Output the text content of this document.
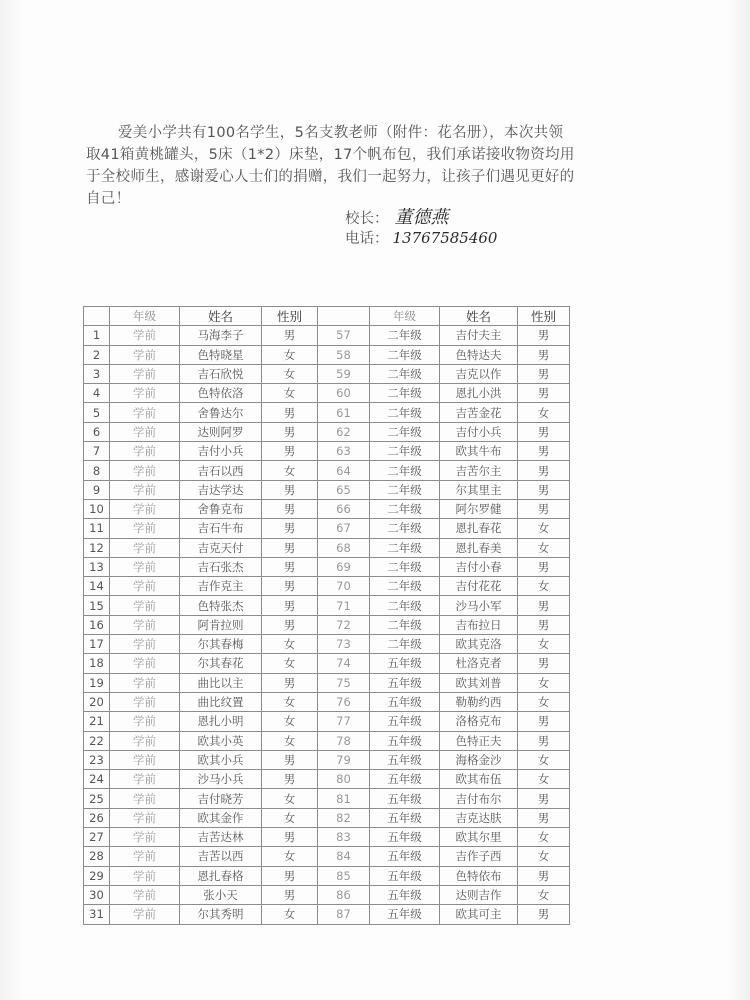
爱美小学共有100名学生，5名支教老师（附件：花名册），本次共领取41箱黄桃罐头，5床（1*2）床垫，17个帆布包，我们承诺接收物资均用于全校师生，感谢爱心人士们的捐赠，我们一起努力，让孩子们遇见更好的自己！
校长： 董德燕
电话： 13767585460
	年级	姓名	性别		年级	姓名	性别
1	学前	马海李子	男	57	二年级	吉付夫主	男
2	学前	色特晓星	女	58	二年级	色特达夫	男
3	学前	吉石欣悦	女	59	二年级	吉克以作	男
4	学前	色特依洛	女	60	二年级	恩扎小洪	男
5	学前	舍鲁达尔	男	61	二年级	吉苦金花	女
6	学前	达则阿罗	男	62	二年级	吉付小兵	男
7	学前	吉付小兵	男	63	二年级	欧其牛布	男
8	学前	吉石以西	女	64	二年级	吉苦尔主	男
9	学前	吉达学达	男	65	二年级	尔其里主	男
10	学前	舍鲁克布	男	66	二年级	阿尔罗健	男
11	学前	吉石牛布	男	67	二年级	恩扎春花	女
12	学前	吉克天付	男	68	二年级	恩扎春美	女
13	学前	吉石张杰	男	69	二年级	吉付小春	男
14	学前	吉作克主	男	70	二年级	吉付花花	女
15	学前	色特张杰	男	71	二年级	沙马小军	男
16	学前	阿肯拉则	男	72	二年级	吉布拉日	男
17	学前	尔其春梅	女	73	二年级	欧其克洛	女
18	学前	尔其春花	女	74	五年级	杜洛克者	男
19	学前	曲比以主	男	75	五年级	欧其刘普	女
20	学前	曲比纹置	女	76	五年级	勒勒约西	女
21	学前	恩扎小明	女	77	五年级	洛格克布	男
22	学前	欧其小英	女	78	五年级	色特正夫	男
23	学前	欧其小兵	男	79	五年级	海格金沙	女
24	学前	沙马小兵	男	80	五年级	欧其布伍	女
25	学前	吉付晓芳	女	81	五年级	吉付布尔	男
26	学前	欧其金作	女	82	五年级	吉克达肤	男
27	学前	吉苦达林	男	83	五年级	欧其尔里	女
28	学前	吉苦以西	女	84	五年级	吉作子西	女
29	学前	恩扎春格	男	85	五年级	色特依布	男
30	学前	张小天	男	86	五年级	达则吉作	女
31	学前	尔其秀明	女	87	五年级	欧其可主	男
